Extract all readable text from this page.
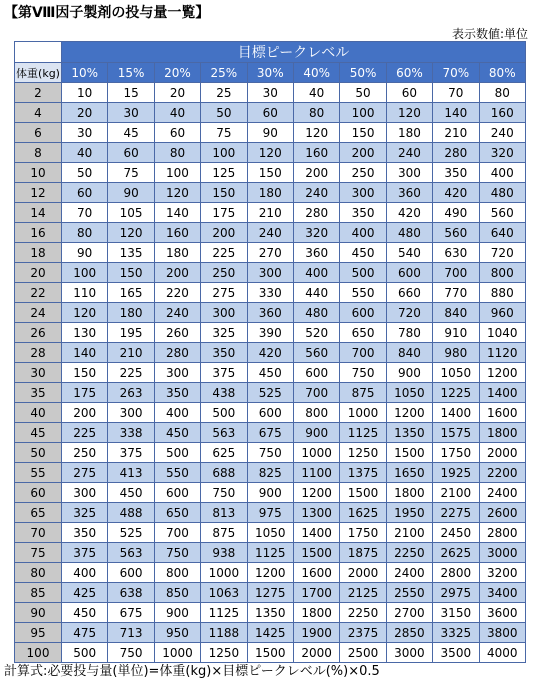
【第Ⅷ因子製剤の投与量一覧】
表示数値:単位
	目標ピークレベル									
体重(kg)	10%	15%	20%	25%	30%	40%	50%	60%	70%	80%
2	10	15	20	25	30	40	50	60	70	80
4	20	30	40	50	60	80	100	120	140	160
6	30	45	60	75	90	120	150	180	210	240
8	40	60	80	100	120	160	200	240	280	320
10	50	75	100	125	150	200	250	300	350	400
12	60	90	120	150	180	240	300	360	420	480
14	70	105	140	175	210	280	350	420	490	560
16	80	120	160	200	240	320	400	480	560	640
18	90	135	180	225	270	360	450	540	630	720
20	100	150	200	250	300	400	500	600	700	800
22	110	165	220	275	330	440	550	660	770	880
24	120	180	240	300	360	480	600	720	840	960
26	130	195	260	325	390	520	650	780	910	1040
28	140	210	280	350	420	560	700	840	980	1120
30	150	225	300	375	450	600	750	900	1050	1200
35	175	263	350	438	525	700	875	1050	1225	1400
40	200	300	400	500	600	800	1000	1200	1400	1600
45	225	338	450	563	675	900	1125	1350	1575	1800
50	250	375	500	625	750	1000	1250	1500	1750	2000
55	275	413	550	688	825	1100	1375	1650	1925	2200
60	300	450	600	750	900	1200	1500	1800	2100	2400
65	325	488	650	813	975	1300	1625	1950	2275	2600
70	350	525	700	875	1050	1400	1750	2100	2450	2800
75	375	563	750	938	1125	1500	1875	2250	2625	3000
80	400	600	800	1000	1200	1600	2000	2400	2800	3200
85	425	638	850	1063	1275	1700	2125	2550	2975	3400
90	450	675	900	1125	1350	1800	2250	2700	3150	3600
95	475	713	950	1188	1425	1900	2375	2850	3325	3800
100	500	750	1000	1250	1500	2000	2500	3000	3500	4000
計算式:必要投与量(単位)=体重(kg)×目標ピークレベル(%)×0.5
